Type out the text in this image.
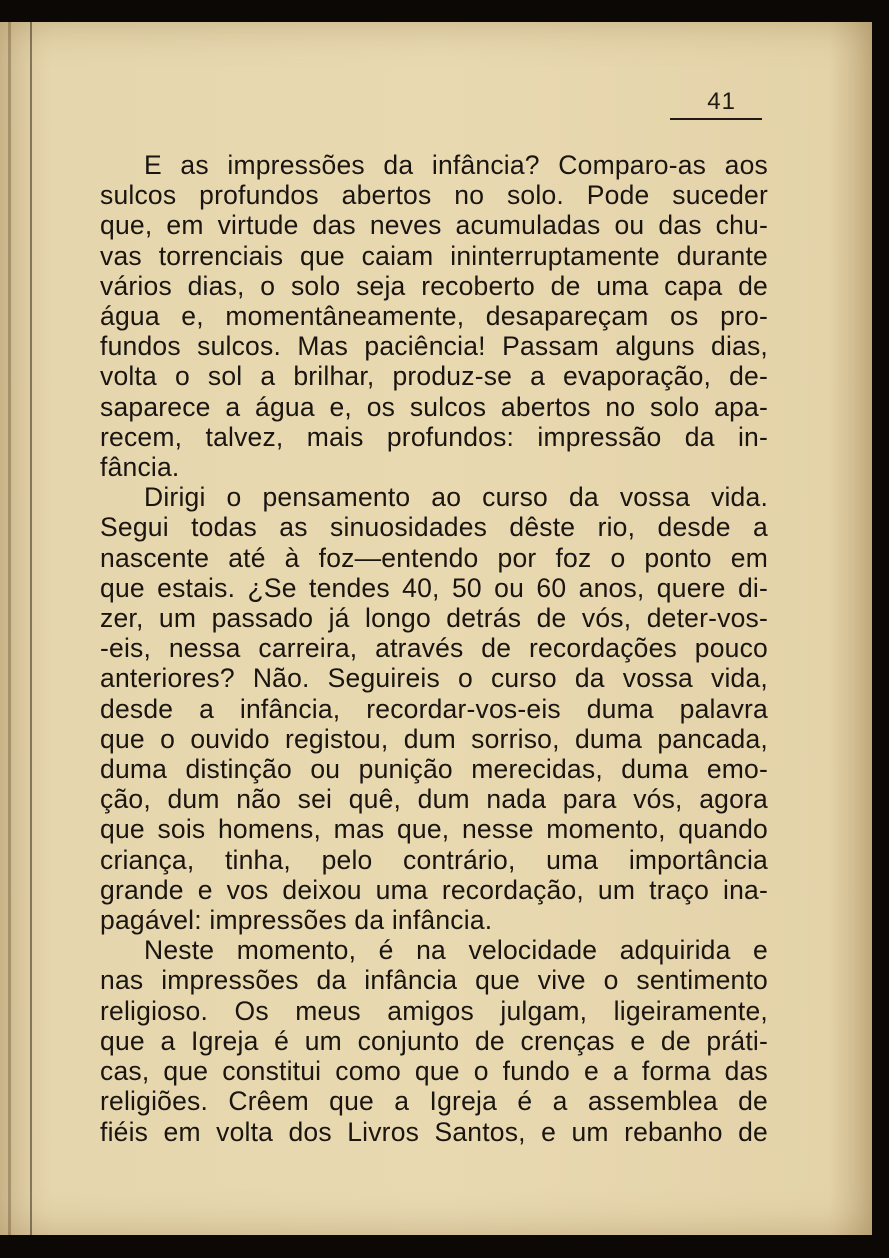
41
E as impressões da infância? Comparo-as aos
sulcos profundos abertos no solo. Pode suceder
que, em virtude das neves acumuladas ou das chu-
vas torrenciais que caiam ininterruptamente durante
vários dias, o solo seja recoberto de uma capa de
água e, momentâneamente, desapareçam os pro-
fundos sulcos. Mas paciência! Passam alguns dias,
volta o sol a brilhar, produz-se a evaporação, de-
saparece a água e, os sulcos abertos no solo apa-
recem, talvez, mais profundos: impressão da in-
fância.
Dirigi o pensamento ao curso da vossa vida.
Segui todas as sinuosidades dêste rio, desde a
nascente até à foz—entendo por foz o ponto em
que estais. ¿Se tendes 40, 50 ou 60 anos, quere di-
zer, um passado já longo detrás de vós, deter-vos-
-eis, nessa carreira, através de recordações pouco
anteriores? Não. Seguireis o curso da vossa vida,
desde a infância, recordar-vos-eis duma palavra
que o ouvido registou, dum sorriso, duma pancada,
duma distinção ou punição merecidas, duma emo-
ção, dum não sei quê, dum nada para vós, agora
que sois homens, mas que, nesse momento, quando
criança, tinha, pelo contrário, uma importância
grande e vos deixou uma recordação, um traço ina-
pagável: impressões da infância.
Neste momento, é na velocidade adquirida e
nas impressões da infância que vive o sentimento
religioso. Os meus amigos julgam, ligeiramente,
que a Igreja é um conjunto de crenças e de práti-
cas, que constitui como que o fundo e a forma das
religiões. Crêem que a Igreja é a assemblea de
fiéis em volta dos Livros Santos, e um rebanho de
